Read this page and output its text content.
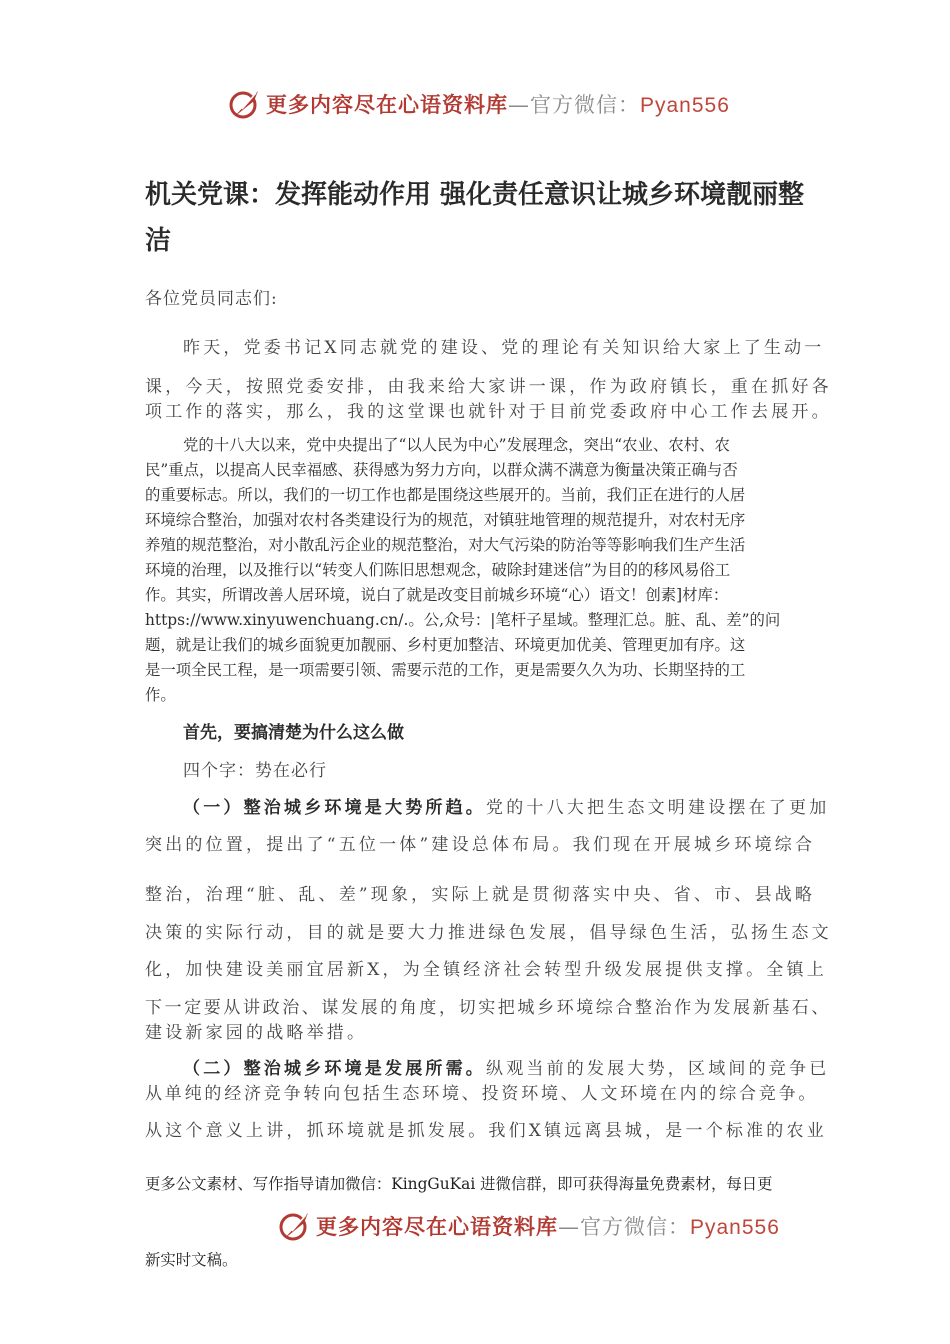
更多内容尽在心语资料库—官方微信：Pyan556
机关党课：发挥能动作用 强化责任意识让城乡环境靓丽整洁

各位党员同志们:

昨天，党委书记X同志就党的建设、党的理论有关知识给大家上了生动一

课，今天，按照党委安排，由我来给大家讲一课，作为政府镇长，重在抓好各

项工作的落实，那么，我的这堂课也就针对于目前党委政府中心工作去展开。

党的十八大以来，党中央提出了“以人民为中心”发展理念，突出“农业、农村、农

民”重点，以提高人民幸福感、获得感为努力方向，以群众满不满意为衡量决策正确与否

的重要标志。所以，我们的一切工作也都是围绕这些展开的。当前，我们正在进行的人居

环境综合整治，加强对农村各类建设行为的规范，对镇驻地管理的规范提升，对农村无序

养殖的规范整治，对小散乱污企业的规范整治，对大气污染的防治等等影响我们生产生活

环境的治理，以及推行以“转变人们陈旧思想观念，破除封建迷信”为目的的移风易俗工

作。其实，所谓改善人居环境，说白了就是改变目前城乡环境“心）语文！创素]材库：

https://www.xinyuwenchuang.cn/.。公,众号：|笔杆子星域。整理汇总。脏、乱、差”的问

题，就是让我们的城乡面貌更加靓丽、乡村更加整洁、环境更加优美、管理更加有序。这

是一项全民工程，是一项需要引领、需要示范的工作，更是需要久久为功、长期坚持的工

作。

首先，要搞清楚为什么这么做

四个字：势在必行

（一）整治城乡环境是大势所趋。党的十八大把生态文明建设摆在了更加

突出的位置，提出了“五位一体”建设总体布局。我们现在开展城乡环境综合

整治，治理“脏、乱、差”现象，实际上就是贯彻落实中央、省、市、县战略

决策的实际行动，目的就是要大力推进绿色发展，倡导绿色生活，弘扬生态文

化，加快建设美丽宜居新X，为全镇经济社会转型升级发展提供支撑。全镇上

下一定要从讲政治、谋发展的角度，切实把城乡环境综合整治作为发展新基石、

建设新家园的战略举措。

（二）整治城乡环境是发展所需。纵观当前的发展大势，区域间的竞争已

从单纯的经济竞争转向包括生态环境、投资环境、人文环境在内的综合竞争。

从这个意义上讲，抓环境就是抓发展。我们X镇远离县城，是一个标准的农业

更多公文素材、写作指导请加微信：KingGuKai 进微信群，即可获得海量免费素材，每日更

更多内容尽在心语资料库—官方微信：Pyan556

新实时文稿。
